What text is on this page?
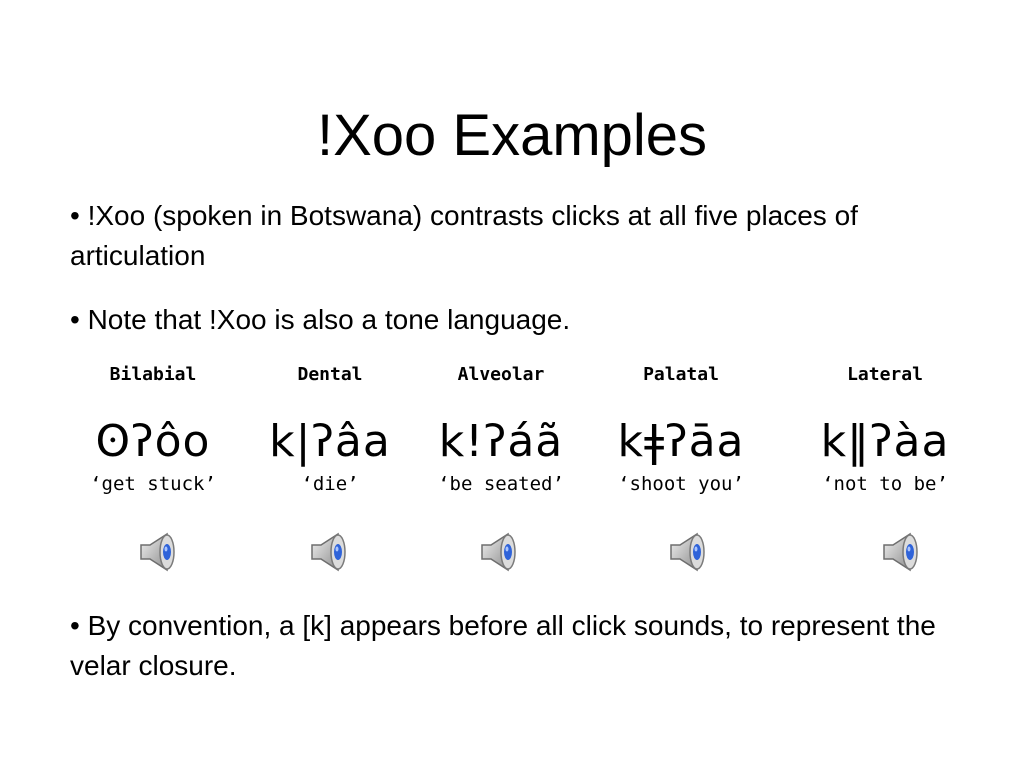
!Xoo Examples
• !Xoo (spoken in Botswana) contrasts clicks at all five places of articulation
• Note that !Xoo is also a tone language.
Bilabial
ʘʔôo
‘get stuck’
Dental
k|ʔâa
‘die’
Alveolar
k!ʔáã
‘be seated’
Palatal
kǂʔāa
‘shoot you’
Lateral
k‖ʔàa
‘not to be’
• By convention, a [k] appears before all click sounds, to represent the velar closure.
